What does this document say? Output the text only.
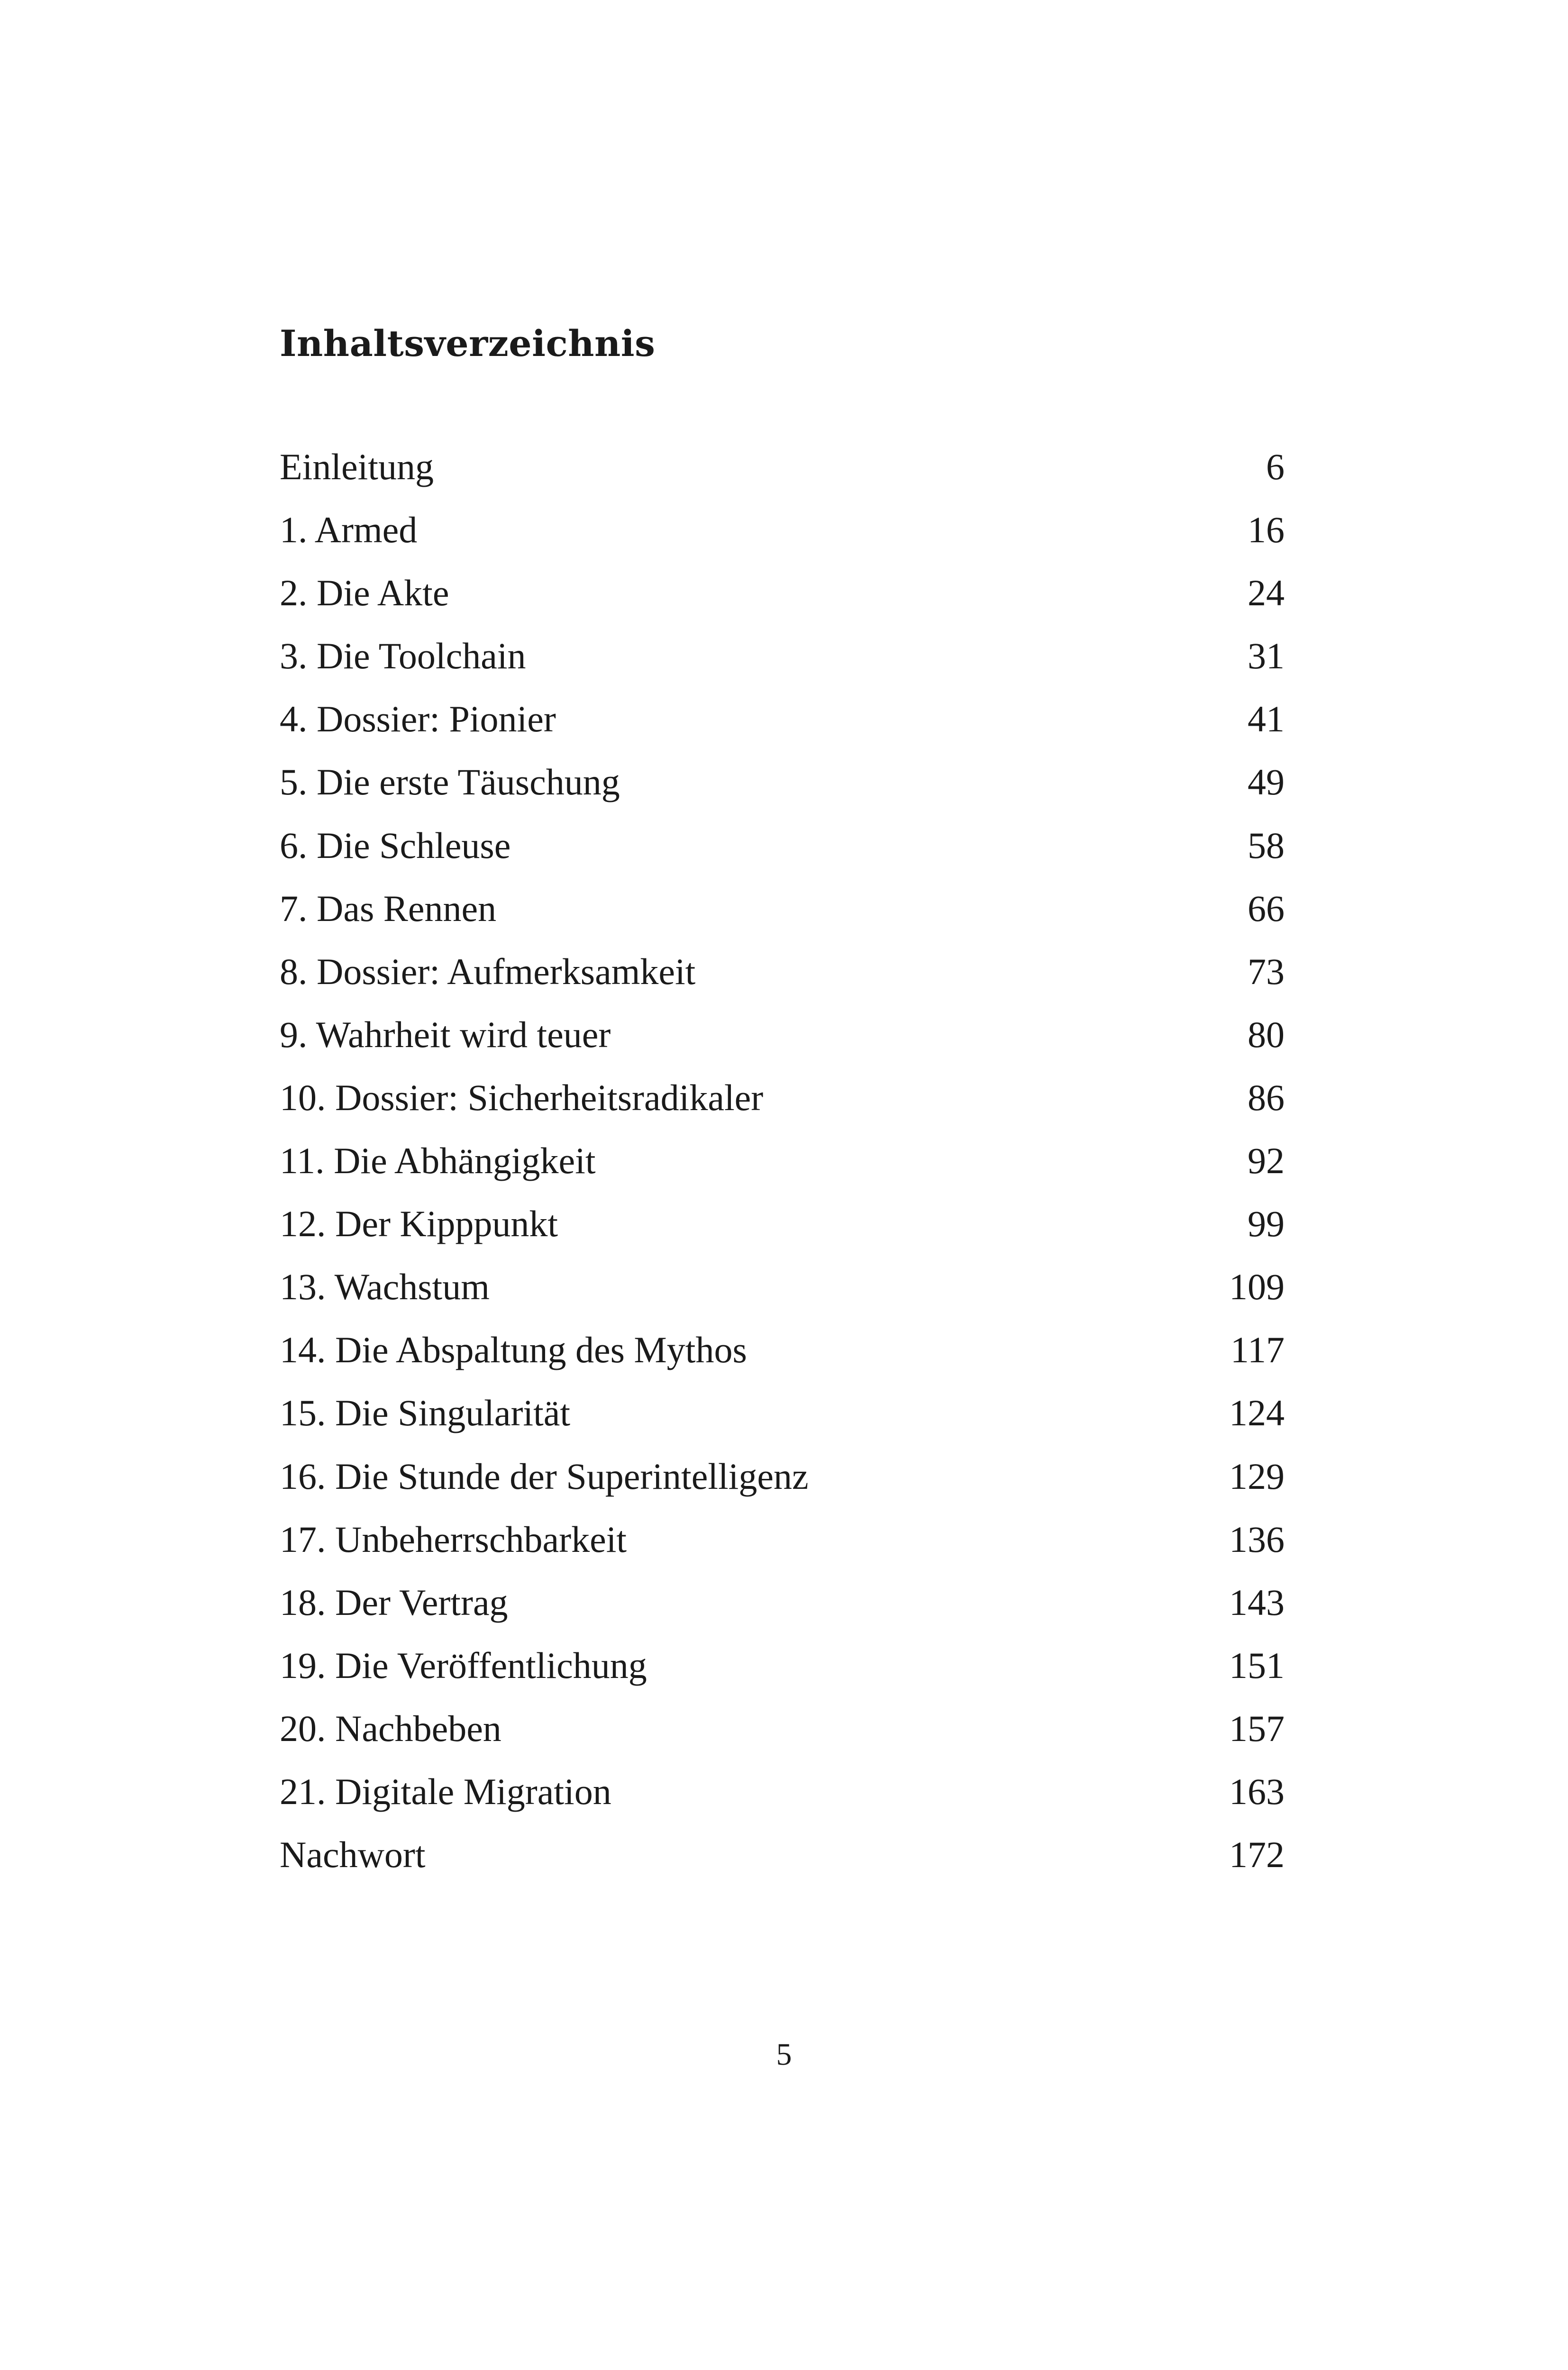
Inhaltsverzeichnis
Einleitung	6
1. Armed	16
2. Die Akte	24
3. Die Toolchain	31
4. Dossier: Pionier	41
5. Die erste Täuschung	49
6. Die Schleuse	58
7. Das Rennen	66
8. Dossier: Aufmerksamkeit	73
9. Wahrheit wird teuer	80
10. Dossier: Sicherheitsradikaler	86
11. Die Abhängigkeit	92
12. Der Kipppunkt	99
13. Wachstum	109
14. Die Abspaltung des Mythos	117
15. Die Singularität	124
16. Die Stunde der Superintelligenz	129
17. Unbeherrschbarkeit	136
18. Der Vertrag	143
19. Die Veröffentlichung	151
20. Nachbeben	157
21. Digitale Migration	163
Nachwort	172
5
